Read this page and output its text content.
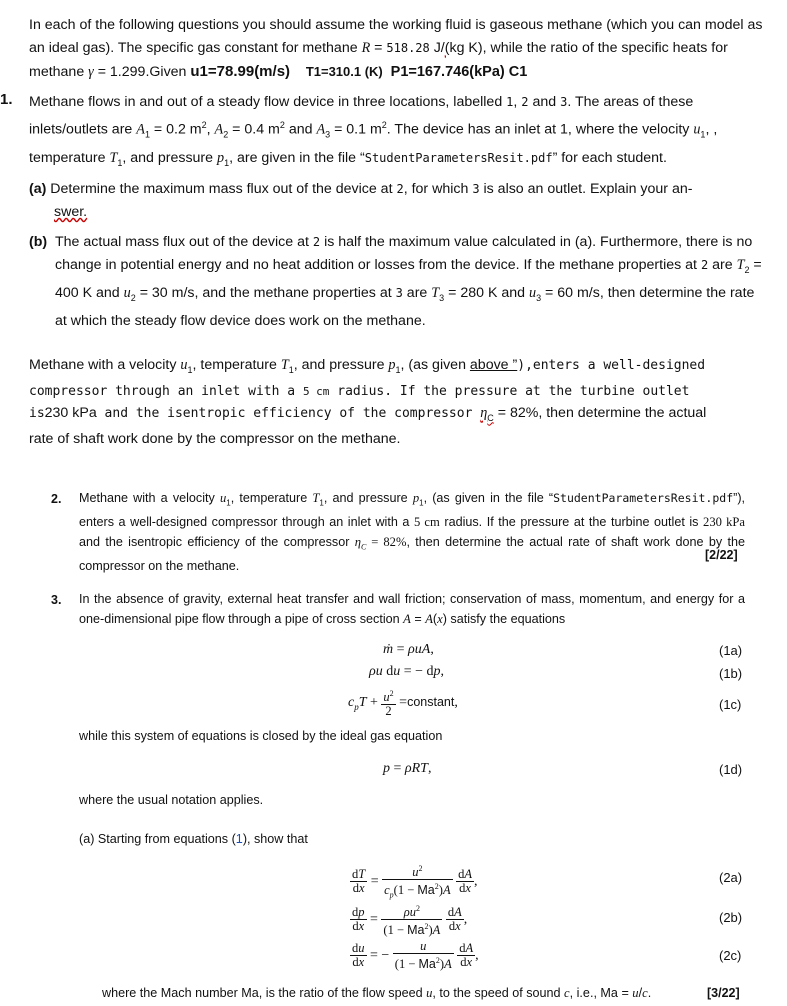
In each of the following questions you should assume the working fluid is gaseous methane (which you can model as an ideal gas). The specific gas constant for methane R = 518.28 J/(kg K), while the ratio of the specific heats for methane γ = 1.299.Given u1=78.99(m/s) T1=310.1 (K) P1=167.746(kPa) C1
1. Methane flows in and out of a steady flow device in three locations, labelled 1, 2 and 3. The areas of these inlets/outlets are $A_1 = 0.2$ $m^2$, $A_2 = 0.4$ $m^2$ and $A_3 = 0.1$ $m^2$. The device has an inlet at 1, where the velocity $u_1$, , temperature $T_1$, and pressure $p_1$, are given in the file “StudentParametersResit.pdf” for each student.
(a) Determine the maximum mass flux out of the device at 2, for which 3 is also an outlet. Explain your an-
swer.
(b) The actual mass flux out of the device at 2 is half the maximum value calculated in (a). Furthermore, there is no change in potential energy and no heat addition or losses from the device. If the methane properties at 2 are $T_2 = 400$ K and $u_2 = 30$ m/s, and the methane properties at 3 are $T_3 = 280$ K and $u_3 = 60$ m/s, then determine the rate at which the steady flow device does work on the methane.
Methane with a velocity $u_1$, temperature $T_1$, and pressure $p_1$, (as given above ”),enters a well-designed compressor through an inlet with a 5 cm radius. If the pressure at the turbine outlet is230 kPa and the isentropic efficiency of the compressor $\eta_C = 82\%$, then determine the actual rate of shaft work done by the compressor on the methane.
2. Methane with a velocity $u_1$, temperature $T_1$, and pressure $p_1$, (as given in the file “StudentParametersResit.pdf”), enters a well-designed compressor through an inlet with a 5 cm radius. If the pressure at the turbine outlet is 230 kPa and the isentropic efficiency of the compressor $\eta_C = 82\%$, then determine the actual rate of shaft work done by the compressor on the methane.
[2/22]
3. In the absence of gravity, external heat transfer and wall friction; conservation of mass, momentum, and energy for a one-dimensional pipe flow through a pipe of cross section A = A(x) satisfy the equations
ṁ = ρuA,	(1a)
ρu du = − dp,	(1b)
$c_pT + \frac{u^2}{2}$ =constant,	(1c)
while this system of equations is closed by the ideal gas equation
p = ρRT,	(1d)
where the usual notation applies.
(a) Starting from equations (1), show that
$\frac{dT}{dx} = \frac{u^2}{c_p(1 - Ma^2)A}$
$\frac{dA}{dx}$ ,	(2a)
$\frac{dp}{dx} = \frac{\rho u^2}{(1 - Ma^2)A}$
$\frac{dA}{dx}$ ,	(2b)
$\frac{du}{dx}$ = − $\frac{u}{(1 - Ma^2)A}$
$\frac{dA}{dx}$ ,	(2c)
where the Mach number Ma, is the ratio of the flow speed u, to the speed of sound c, i.e., Ma = u/c.	[3/22]
